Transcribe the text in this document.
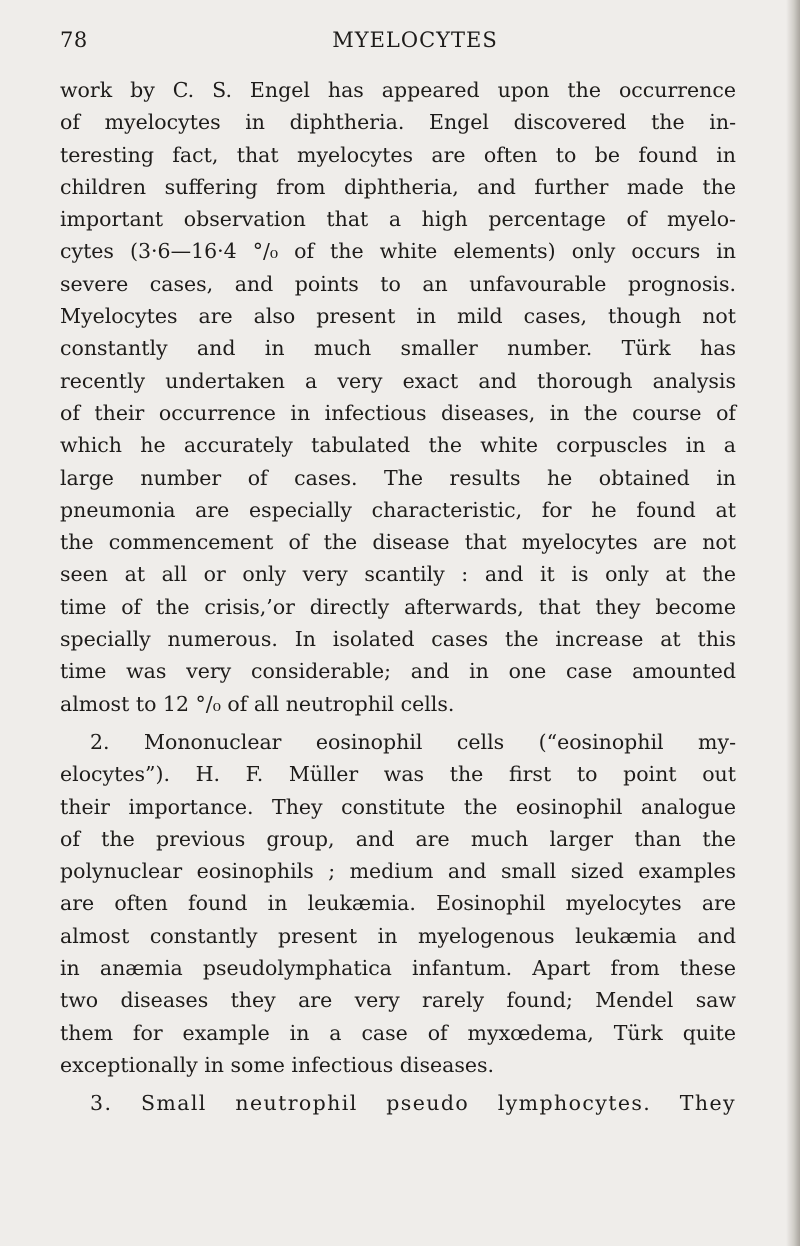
78	MYELOCYTES
work by C. S. Engel has appeared upon the occurrence
of myelocytes in diphtheria. Engel discovered the in-
teresting fact, that myelocytes are often to be found in
children suffering from diphtheria, and further made the
important observation that a high percentage of myelo-
cytes (3·6—16·4 °/₀ of the white elements) only occurs in
severe cases, and points to an unfavourable prognosis.
Myelocytes are also present in mild cases, though not
constantly and in much smaller number. Türk has
recently undertaken a very exact and thorough analysis
of their occurrence in infectious diseases, in the course of
which he accurately tabulated the white corpuscles in a
large number of cases. The results he obtained in
pneumonia are especially characteristic, for he found at
the commencement of the disease that myelocytes are not
seen at all or only very scantily : and it is only at the
time of the crisis,’or directly afterwards, that they become
specially numerous. In isolated cases the increase at this
time was very considerable; and in one case amounted
almost to 12 °/₀ of all neutrophil cells.
2. Mononuclear eosinophil cells (“eosinophil my-
elocytes”). H. F. Müller was the first to point out
their importance. They constitute the eosinophil analogue
of the previous group, and are much larger than the
polynuclear eosinophils ; medium and small sized examples
are often found in leukæmia. Eosinophil myelocytes are
almost constantly present in myelogenous leukæmia and
in anæmia pseudolymphatica infantum. Apart from these
two diseases they are very rarely found; Mendel saw
them for example in a case of myxœdema, Türk quite
exceptionally in some infectious diseases.
3. Small neutrophil pseudo lymphocytes. They
